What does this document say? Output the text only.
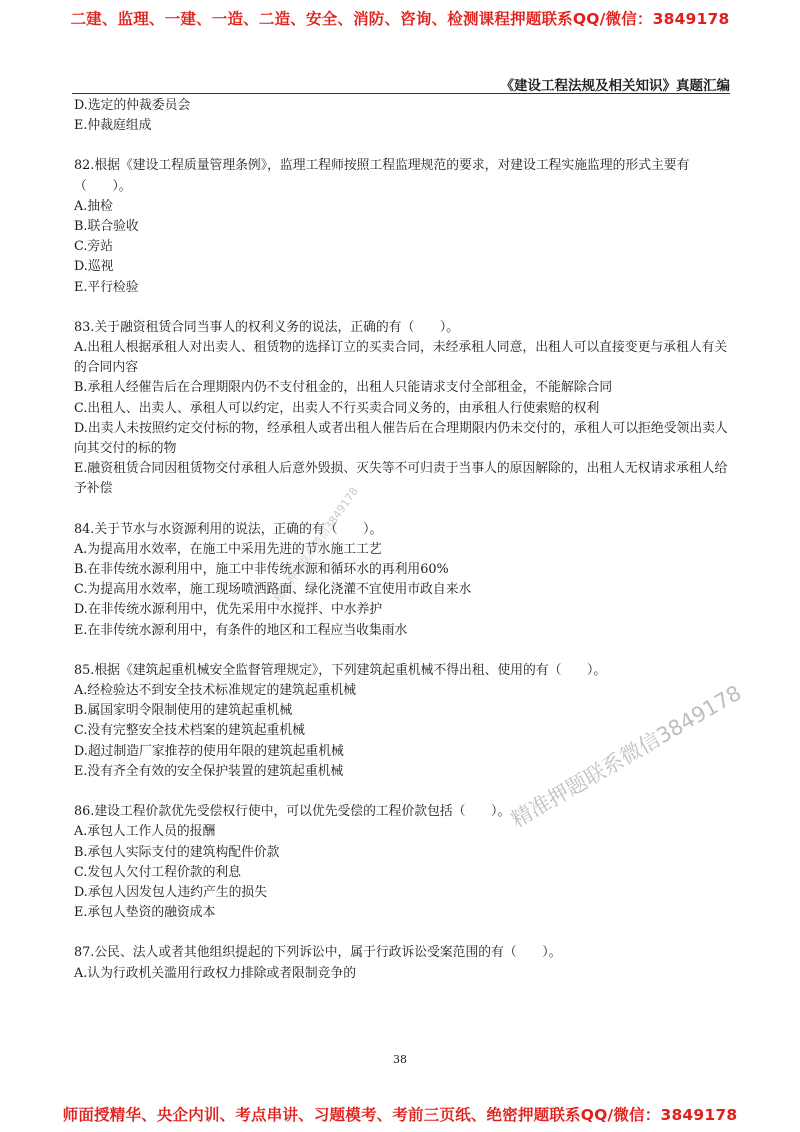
二建、监理、一建、一造、二造、安全、消防、咨询、检测课程押题联系QQ/微信：3849178
《建设工程法规及相关知识》真题汇编
D.选定的仲裁委员会
E.仲裁庭组成
82.根据《建设工程质量管理条例》，监理工程师按照工程监理规范的要求，对建设工程实施监理的形式主要有（　　）。
A.抽检
B.联合验收
C.旁站
D.巡视
E.平行检验
83.关于融资租赁合同当事人的权利义务的说法，正确的有（　　）。
A.出租人根据承租人对出卖人、租赁物的选择订立的买卖合同，未经承租人同意，出租人可以直接变更与承租人有关的合同内容
B.承租人经催告后在合理期限内仍不支付租金的，出租人只能请求支付全部租金，不能解除合同
C.出租人、出卖人、承租人可以约定，出卖人不行买卖合同义务的，由承租人行使索赔的权利
D.出卖人未按照约定交付标的物，经承租人或者出租人催告后在合理期限内仍未交付的，承租人可以拒绝受领出卖人向其交付的标的物
E.融资租赁合同因租赁物交付承租人后意外毁损、灭失等不可归责于当事人的原因解除的，出租人无权请求承租人给予补偿
84.关于节水与水资源利用的说法，正确的有（　　）。
A.为提高用水效率，在施工中采用先进的节水施工工艺
B.在非传统水源利用中，施工中非传统水源和循环水的再利用60%
C.为提高用水效率，施工现场喷洒路面、绿化浇灌不宜使用市政自来水
D.在非传统水源利用中，优先采用中水搅拌、中水养护
E.在非传统水源利用中，有条件的地区和工程应当收集雨水
85.根据《建筑起重机械安全监督管理规定》，下列建筑起重机械不得出租、使用的有（　　）。
A.经检验达不到安全技术标准规定的建筑起重机械
B.属国家明令限制使用的建筑起重机械
C.没有完整安全技术档案的建筑起重机械
D.超过制造厂家推荐的使用年限的建筑起重机械
E.没有齐全有效的安全保护装置的建筑起重机械
86.建设工程价款优先受偿权行使中，可以优先受偿的工程价款包括（　　）。
A.承包人工作人员的报酬
B.承包人实际支付的建筑构配件价款
C.发包人欠付工程价款的利息
D.承包人因发包人违约产生的损失
E.承包人垫资的融资成本
87.公民、法人或者其他组织提起的下列诉讼中，属于行政诉讼受案范围的有（　　）。
A.认为行政机关滥用行政权力排除或者限制竞争的
精准押题联系微信3849178
精准押题联系微信3849178
38
师面授精华、央企内训、考点串讲、习题模考、考前三页纸、绝密押题联系QQ/微信：3849178
